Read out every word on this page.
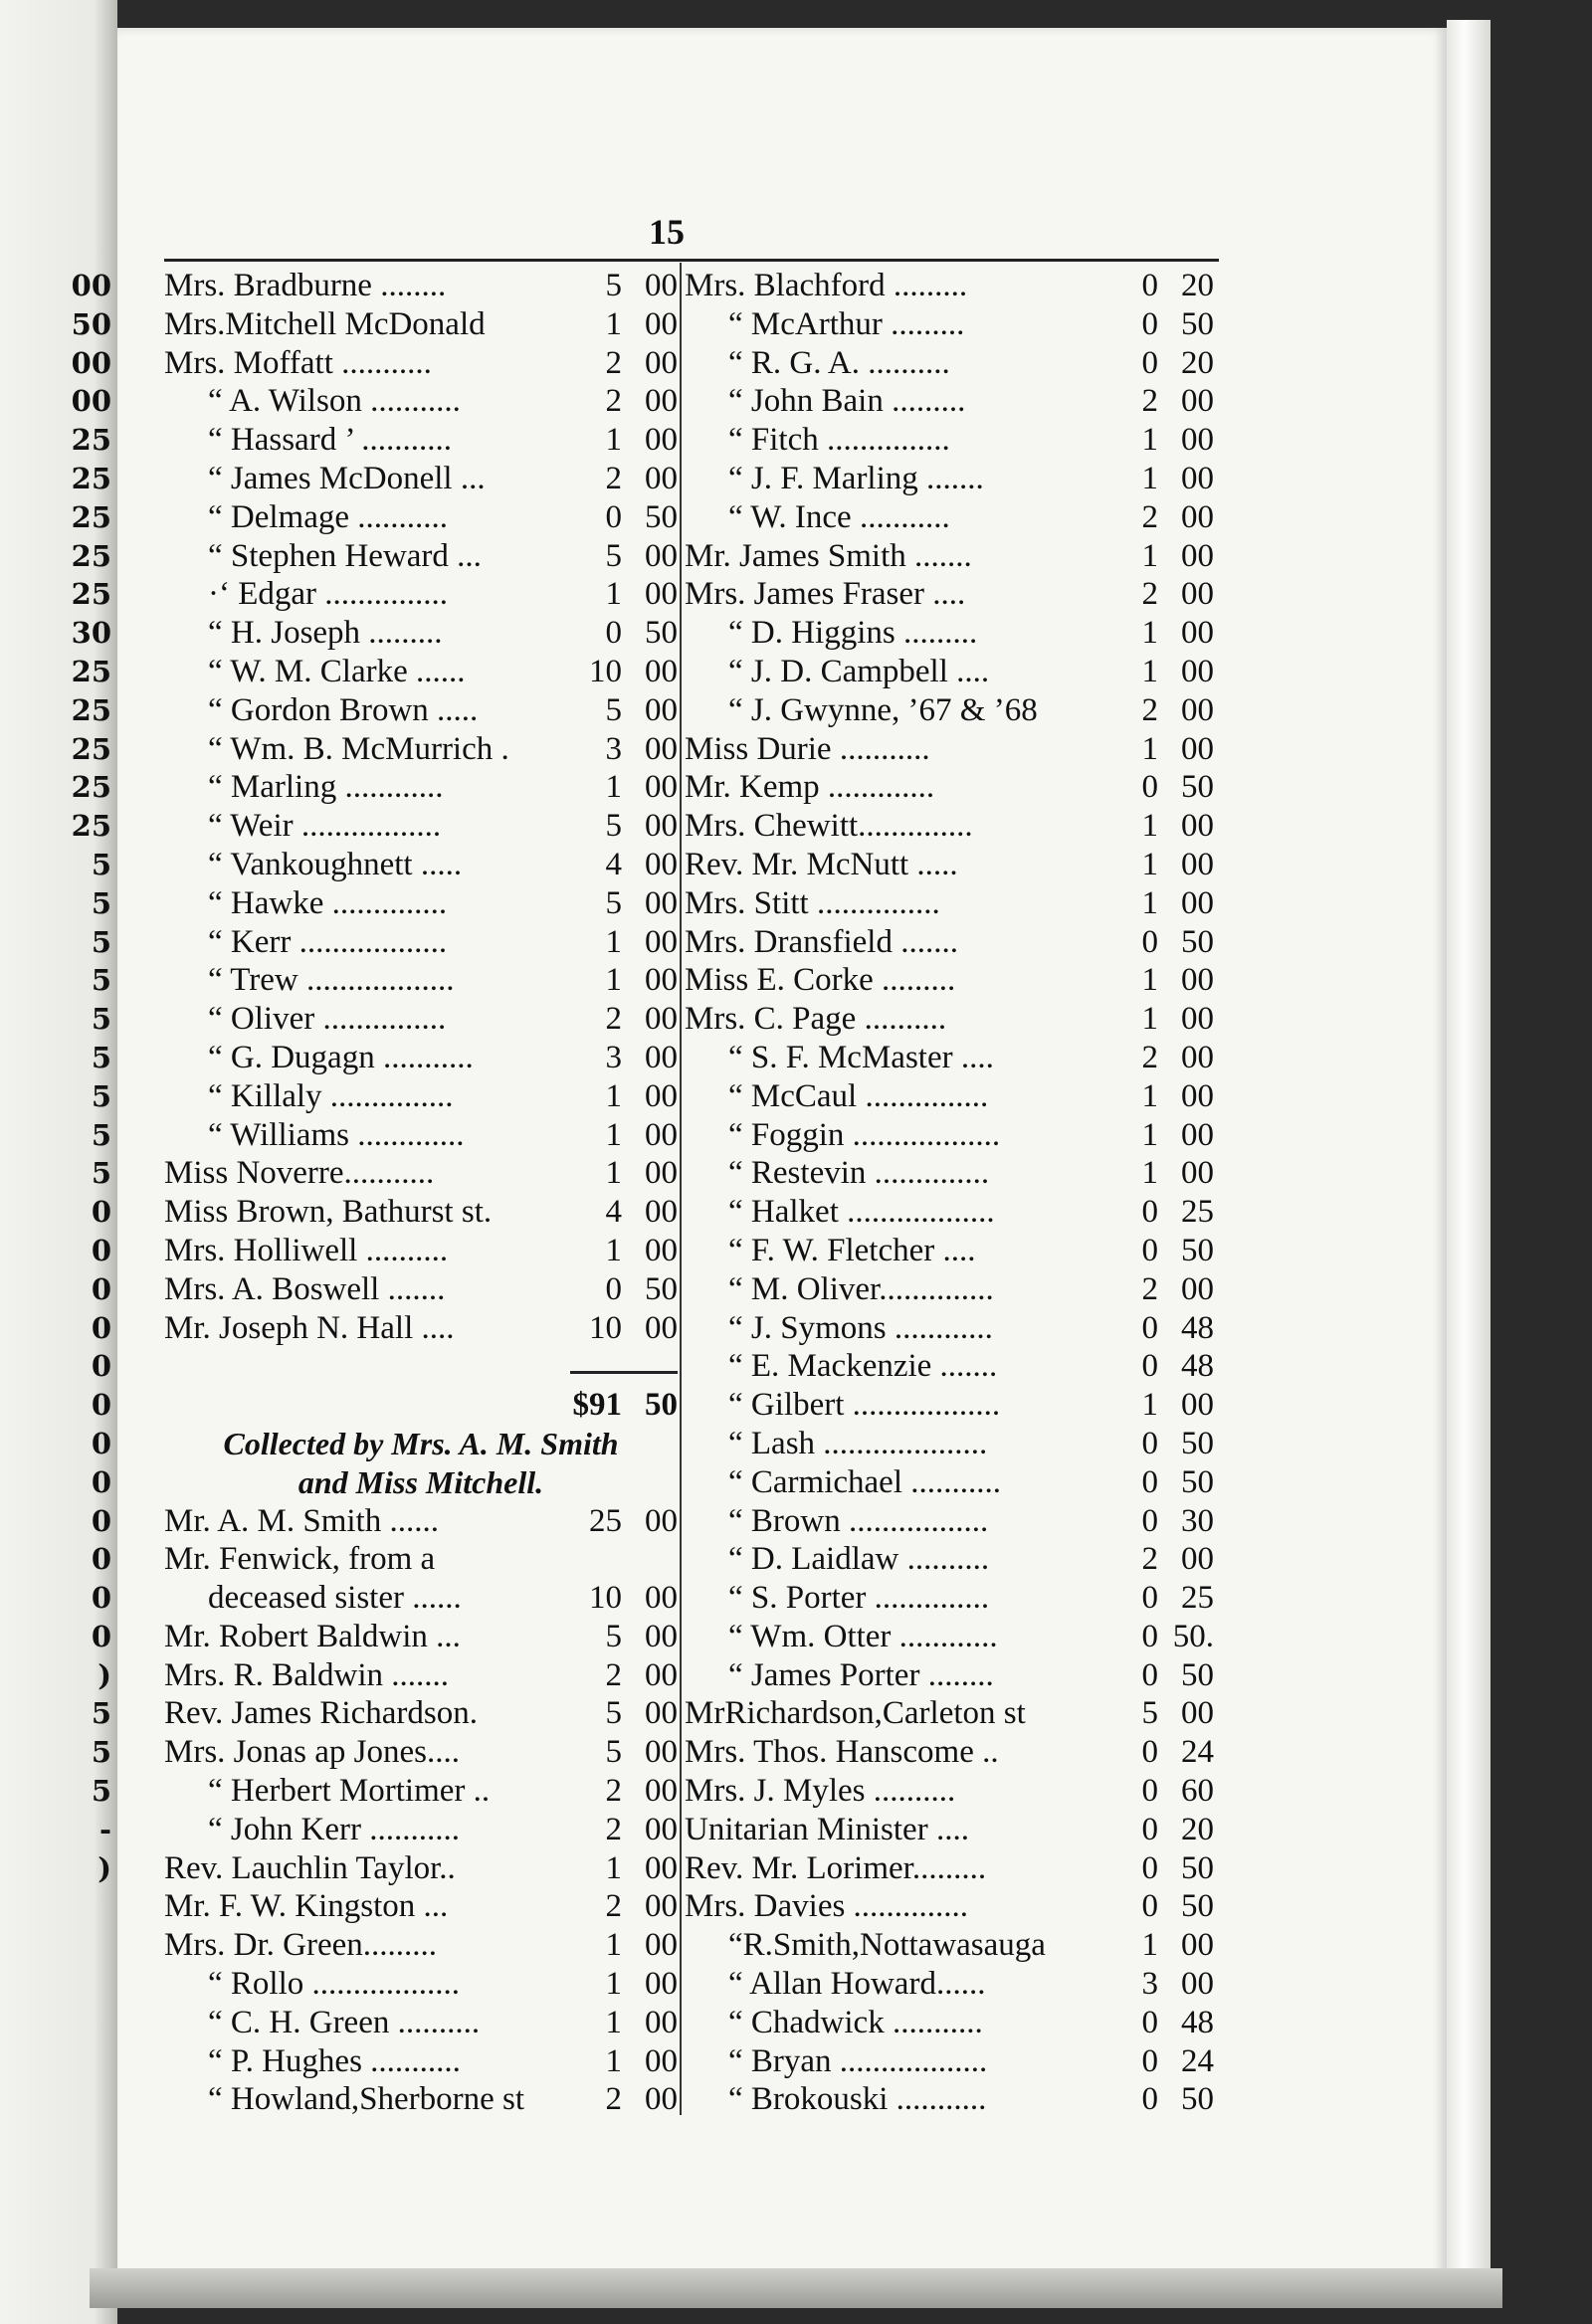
00
50
00
00
25
25
25
25
25
30
25
25
25
25
25
5
5
5
5
5
5
5
5
5
0
0
0
0
0
0
0
0
0
0
0
0
)
5
5
5
-
)
15
Mrs. Bradburne ........	5 00
Mrs.Mitchell McDonald	1 00
Mrs. Moffatt ...........	2 00
“ A. Wilson ...........	2 00
“ Hassard ’ ...........	1 00
“ James McDonell ...	2 00
“ Delmage ...........	0 50
“ Stephen Heward ...	5 00
·‘ Edgar ...............	1 00
“ H. Joseph .........	0 50
“ W. M. Clarke ......	10 00
“ Gordon Brown .....	5 00
“ Wm. B. McMurrich .	3 00
“ Marling ............	1 00
“ Weir .................	5 00
“ Vankoughnett .....	4 00
“ Hawke ..............	5 00
“ Kerr ..................	1 00
“ Trew ..................	1 00
“ Oliver ...............	2 00
“ G. Dugagn ...........	3 00
“ Killaly ...............	1 00
“ Williams .............	1 00
Miss Noverre...........	1 00
Miss Brown, Bathurst st.	4 00
Mrs. Holliwell ..........	1 00
Mrs. A. Boswell .......	0 50
Mr. Joseph N. Hall ....	10 00
$91 50
Collected by Mrs. A. M. Smith
and Miss Mitchell.
Mr. A. M. Smith ......	25 00
Mr. Fenwick, from a
deceased sister ......	10 00
Mr. Robert Baldwin ...	5 00
Mrs. R. Baldwin .......	2 00
Rev. James Richardson.	5 00
Mrs. Jonas ap Jones....	5 00
“ Herbert Mortimer ..	2 00
“ John Kerr ...........	2 00
Rev. Lauchlin Taylor..	1 00
Mr. F. W. Kingston ...	2 00
Mrs. Dr. Green.........	1 00
“ Rollo ..................	1 00
“ C. H. Green ..........	1 00
“ P. Hughes ...........	1 00
“ Howland,Sherborne st	2 00
Mrs. Blachford .........	0 20
“ McArthur .........	0 50
“ R. G. A. ..........	0 20
“ John Bain .........	2 00
“ Fitch ...............	1 00
“ J. F. Marling .......	1 00
“ W. Ince ...........	2 00
Mr. James Smith .......	1 00
Mrs. James Fraser ....	2 00
“ D. Higgins .........	1 00
“ J. D. Campbell ....	1 00
“ J. Gwynne, ’67 & ’68	2 00
Miss Durie ...........	1 00
Mr. Kemp .............	0 50
Mrs. Chewitt..............	1 00
Rev. Mr. McNutt .....	1 00
Mrs. Stitt ...............	1 00
Mrs. Dransfield .......	0 50
Miss E. Corke .........	1 00
Mrs. C. Page ..........	1 00
“ S. F. McMaster ....	2 00
“ McCaul ...............	1 00
“ Foggin ..................	1 00
“ Restevin ..............	1 00
“ Halket ..................	0 25
“ F. W. Fletcher ....	0 50
“ M. Oliver..............	2 00
“ J. Symons ............	0 48
“ E. Mackenzie .......	0 48
“ Gilbert ..................	1 00
“ Lash ....................	0 50
“ Carmichael ...........	0 50
“ Brown .................	0 30
“ D. Laidlaw ..........	2 00
“ S. Porter ..............	0 25
“ Wm. Otter ............	0 50.
“ James Porter ........	0 50
MrRichardson,Carleton st	5 00
Mrs. Thos. Hanscome ..	0 24
Mrs. J. Myles ..........	0 60
Unitarian Minister ....	0 20
Rev. Mr. Lorimer.........	0 50
Mrs. Davies ..............	0 50
“R.Smith,Nottawasauga	1 00
“ Allan Howard......	3 00
“ Chadwick ...........	0 48
“ Bryan ..................	0 24
“ Brokouski ...........	0 50
